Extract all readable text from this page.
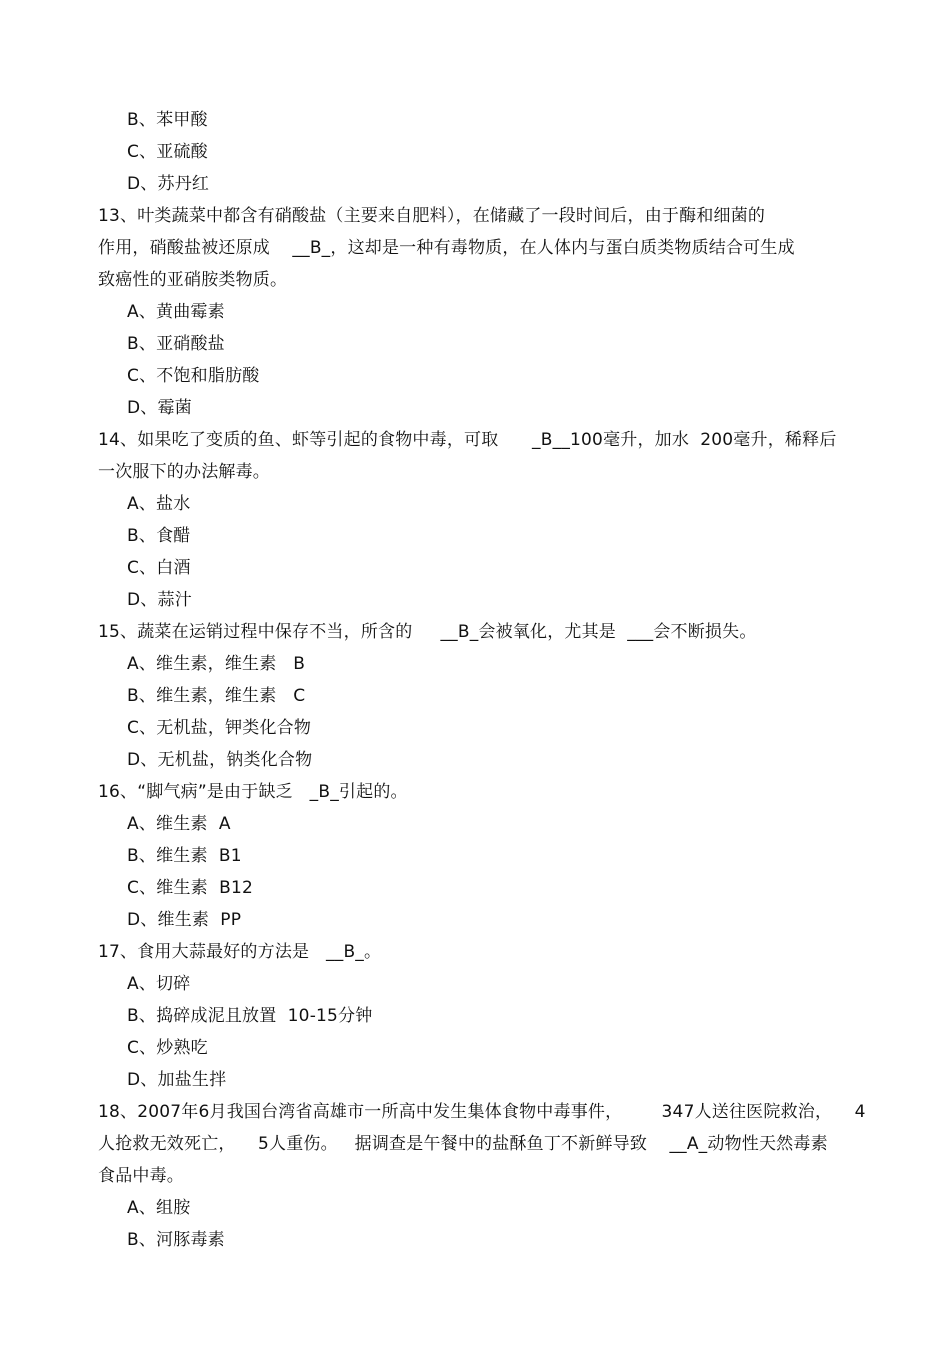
B、苯甲酸
C、亚硫酸
D、苏丹红
13、叶类蔬菜中都含有硝酸盐（主要来自肥料），在储藏了一段时间后，由于酶和细菌的
作用，硝酸盐被还原成    __B_，这却是一种有毒物质，在人体内与蛋白质类物质结合可生成
致癌性的亚硝胺类物质。
A、黄曲霉素
B、亚硝酸盐
C、不饱和脂肪酸
D、霉菌
14、如果吃了变质的鱼、虾等引起的食物中毒，可取      _B__100毫升，加水  200毫升，稀释后
一次服下的办法解毒。
A、盐水
B、食醋
C、白酒
D、蒜汁
15、蔬菜在运销过程中保存不当，所含的     __B_会被氧化，尤其是  ___会不断损失。
A、维生素，维生素   B
B、维生素，维生素   C
C、无机盐，钾类化合物
D、无机盐，钠类化合物
16、“脚气病”是由于缺乏   _B_引起的。
A、维生素  A
B、维生素  B1
C、维生素  B12
D、维生素  PP
17、食用大蒜最好的方法是   __B_。
A、切碎
B、捣碎成泥且放置  10-15分钟
C、炒熟吃
D、加盐生拌
18、2007年6月我国台湾省高雄市一所高中发生集体食物中毒事件，       347人送往医院救治，    4
人抢救无效死亡，    5人重伤。   据调查是午餐中的盐酥鱼丁不新鲜导致    __A_动物性天然毒素
食品中毒。
A、组胺
B、河豚毒素
